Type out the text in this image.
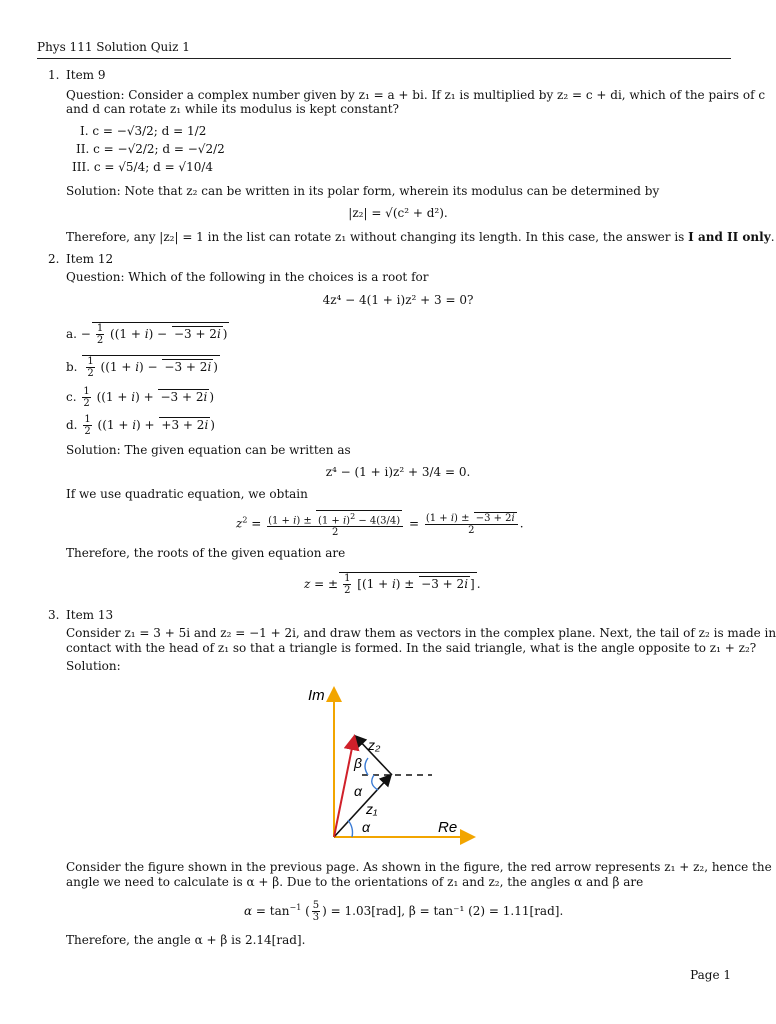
Phys 111 Solution Quiz 1
1. Item 9
Question: Consider a complex number given by z₁ = a + bi. If z₁ is multiplied by z₂ = c + di, which of the pairs of c
and d can rotate z₁ while its modulus is kept constant?
I. c = −√3/2; d = 1/2
II. c = −√2/2; d = −√2/2
III. c = √5/4; d = √10/4
Solution: Note that z₂ can be written in its polar form, wherein its modulus can be determined by
|z₂| = √(c² + d²).
Therefore, any |z₂| = 1 in the list can rotate z₁ without changing its length. In this case, the answer is I and II only.
2. Item 12
Question: Which of the following in the choices is a root for
4z⁴ − 4(1 + i)z² + 3 = 0?
a. − $\frac{1}{2} ((1 + i) - -3 + 2i$ )
b. $\frac{1}{2} ((1 + i) - -3 + 2i$ )
c. $\frac{1}{2} ((1 + i) + -3 + 2i$ )
d. $\frac{1}{2} ((1 + i) + +3 + 2i$ )
Solution: The given equation can be written as
z⁴ − (1 + i)z² + 3/4 = 0.
If we use quadratic equation, we obtain
$z^2 = \frac{(1 + i) \pm (1 + i)^2 - 4(3/4)}{2} = \frac{(1 + i) \pm -3 + 2i}{2}$ .
Therefore, the roots of the given equation are
z = ± $\frac{1}{2} [(1 + i) \pm -3 + 2i$ ] .
3. Item 13
Consider z₁ = 3 + 5i and z₂ = −1 + 2i, and draw them as vectors in the complex plane. Next, the tail of z₂ is made in
contact with the head of z₁ so that a triangle is formed. In the said triangle, what is the angle opposite to z₁ + z₂?
Solution:
Im
Re
z₂
z₁
β
α
α
Consider the figure shown in the previous page. As shown in the figure, the red arrow represents z₁ + z₂, hence the
angle we need to calculate is α + β. Due to the orientations of z₁ and z₂, the angles α and β are
$\alpha = \tan^{-1}$ ( $\frac{5}{3}$ ) = 1.03[rad], β = tan⁻¹ (2) = 1.11[rad].
Therefore, the angle α + β is 2.14[rad].
Page 1
